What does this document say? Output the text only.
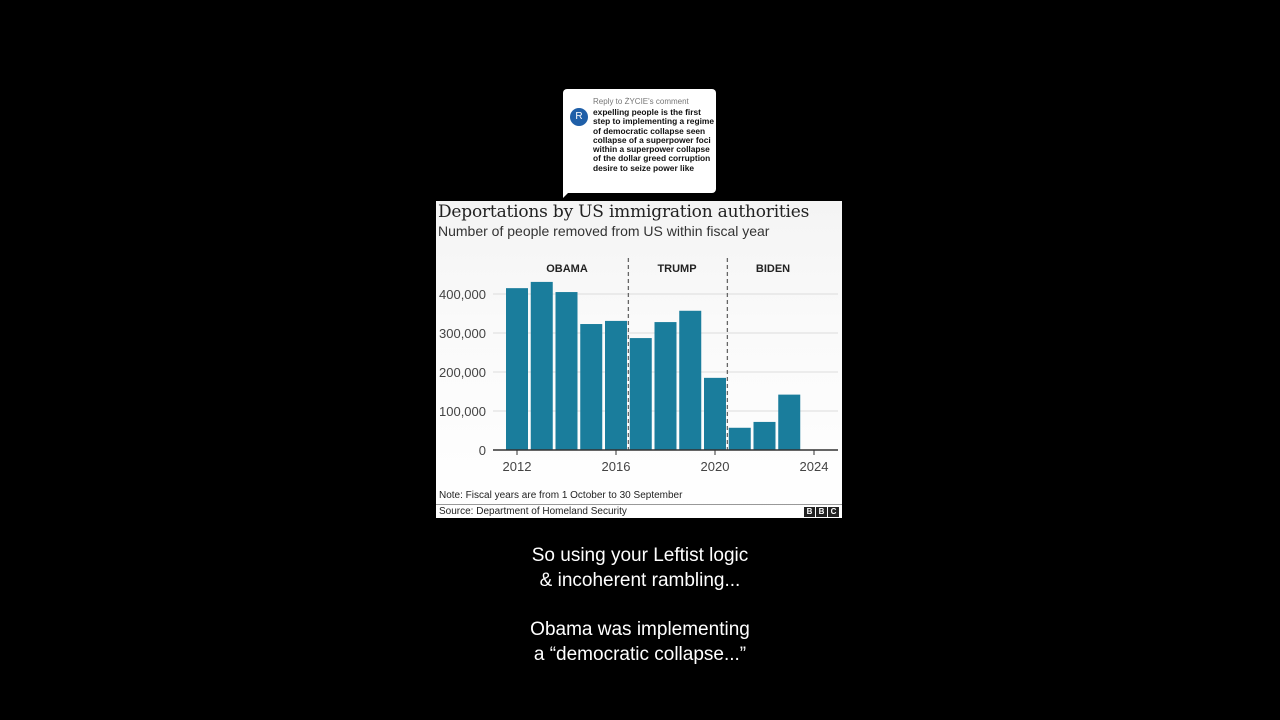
R
Reply to ŻYCIE's comment
expelling people is the first step to implementing a regime of democratic collapse seen collapse of a superpower foci within a superpower collapse of the dollar greed corruption desire to seize power like
0
100,000
200,000
300,000
400,000
2012	2016	2020	2024
OBAMA	TRUMP	BIDEN
Deportations by US immigration authorities
Number of people removed from US within fiscal year
Note: Fiscal years are from 1 October to 30 September
Source: Department of Homeland Security	B B C

So using your Leftist logic

& incoherent rambling...

Obama was implementing

a “democratic collapse...”
